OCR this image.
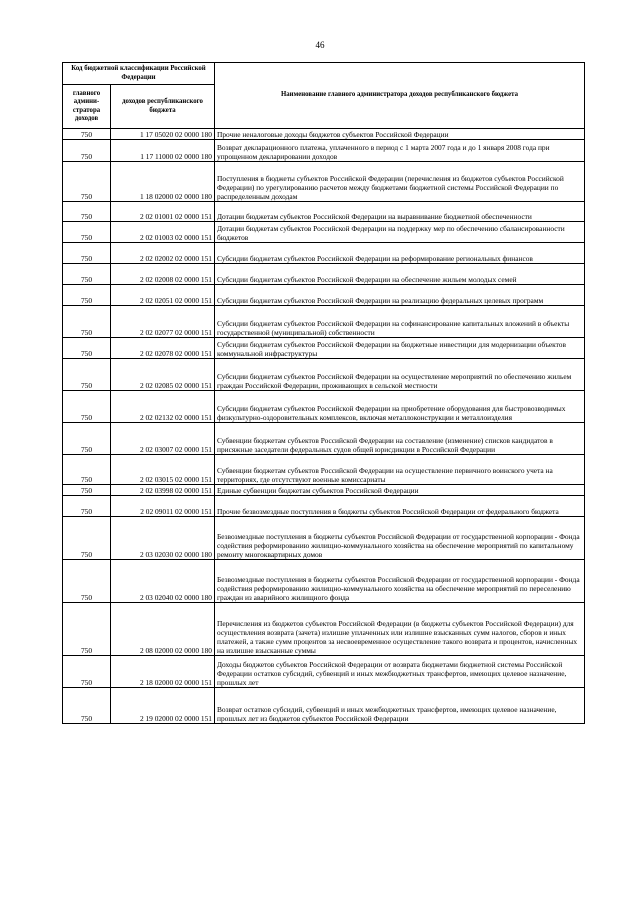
46
Код бюджетной классификации Российской Федерации		Наименование главного администратора доходов республиканского бюджета
главного админи-стратора доходов	доходов республиканского бюджета	
750	1 17 05020 02 0000 180	Прочие неналоговые доходы бюджетов субъектов Российской Федерации
750	1 17 11000 02 0000 180	Возврат декларационного платежа, уплаченного в период с 1 марта 2007 года и до 1 января 2008 года при упрощенном декларировании доходов
750	1 18 02000 02 0000 180	Поступления в бюджеты субъектов Российской Федерации (перечисления из бюджетов субъектов Российской Федерации) по урегулированию расчетов между бюджетами бюджетной системы Российской Федерации по распределенным доходам
750	2 02 01001 02 0000 151	Дотации бюджетам субъектов Российской Федерации на выравнивание бюджетной обеспеченности
750	2 02 01003 02 0000 151	Дотации бюджетам субъектов Российской Федерации на поддержку мер по обеспечению сбалансированности бюджетов
750	2 02 02002 02 0000 151	Субсидии бюджетам субъектов Российской Федерации на реформирование региональных финансов
750	2 02 02008 02 0000 151	Субсидии бюджетам субъектов Российской Федерации на обеспечение жильем молодых семей
750	2 02 02051 02 0000 151	Субсидии бюджетам субъектов Российской Федерации на реализацию федеральных целевых программ
750	2 02 02077 02 0000 151	Субсидии бюджетам субъектов Российской Федерации на софинансирование капитальных вложений в объекты государственной (муниципальной) собственности
750	2 02 02078 02 0000 151	Субсидии бюджетам субъектов Российской Федерации на бюджетные инвестиции для модернизации объектов коммунальной инфраструктуры
750	2 02 02085 02 0000 151	Субсидии бюджетам субъектов Российской Федерации на осуществление мероприятий по обеспечению жильем граждан Российской Федерации, проживающих в сельской местности
750	2 02 02132 02 0000 151	Субсидии бюджетам субъектов Российской Федерации на приобретение оборудования для быстровозводимых физкультурно-оздоровительных комплексов, включая металлоконструкции и металлоизделия
750	2 02 03007 02 0000 151	Субвенции бюджетам субъектов Российской Федерации на составление (изменение) списков кандидатов в присяжные заседатели федеральных судов общей юрисдикции в Российской Федерации
750	2 02 03015 02 0000 151	Субвенции бюджетам субъектов Российской Федерации на осуществление первичного воинского учета на территориях, где отсутствуют военные комиссариаты
750	2 02 03998 02 0000 151	Единые субвенции бюджетам субъектов Российской Федерации
750	2 02 09011 02 0000 151	Прочие безвозмездные поступления в бюджеты субъектов Российской Федерации от федерального бюджета
750	2 03 02030 02 0000 180	Безвозмездные поступления в бюджеты субъектов Российской Федерации от государственной корпорации - Фонда содействия реформированию жилищно-коммунального хозяйства на обеспечение мероприятий по капитальному ремонту многоквартирных домов
750	2 03 02040 02 0000 180	Безвозмездные поступления в бюджеты субъектов Российской Федерации от государственной корпорации - Фонда содействия реформированию жилищно-коммунального хозяйства на обеспечение мероприятий по переселению граждан из аварийного жилищного фонда
750	2 08 02000 02 0000 180	Перечисления из бюджетов субъектов Российской Федерации (в бюджеты субъектов Российской Федерации) для осуществления возврата (зачета) излишне уплаченных или излишне взысканных сумм налогов, сборов и иных платежей, а также сумм процентов за несвоевременное осуществление такого возврата и процентов, начисленных на излишне взысканные суммы
750	2 18 02000 02 0000 151	Доходы бюджетов субъектов Российской Федерации от возврата бюджетами бюджетной системы Российской Федерации остатков субсидий, субвенций и иных межбюджетных трансфертов, имеющих целевое назначение, прошлых лет
750	2 19 02000 02 0000 151	Возврат остатков субсидий, субвенций и иных межбюджетных трансфертов, имеющих целевое назначение, прошлых лет из бюджетов субъектов Российской Федерации
